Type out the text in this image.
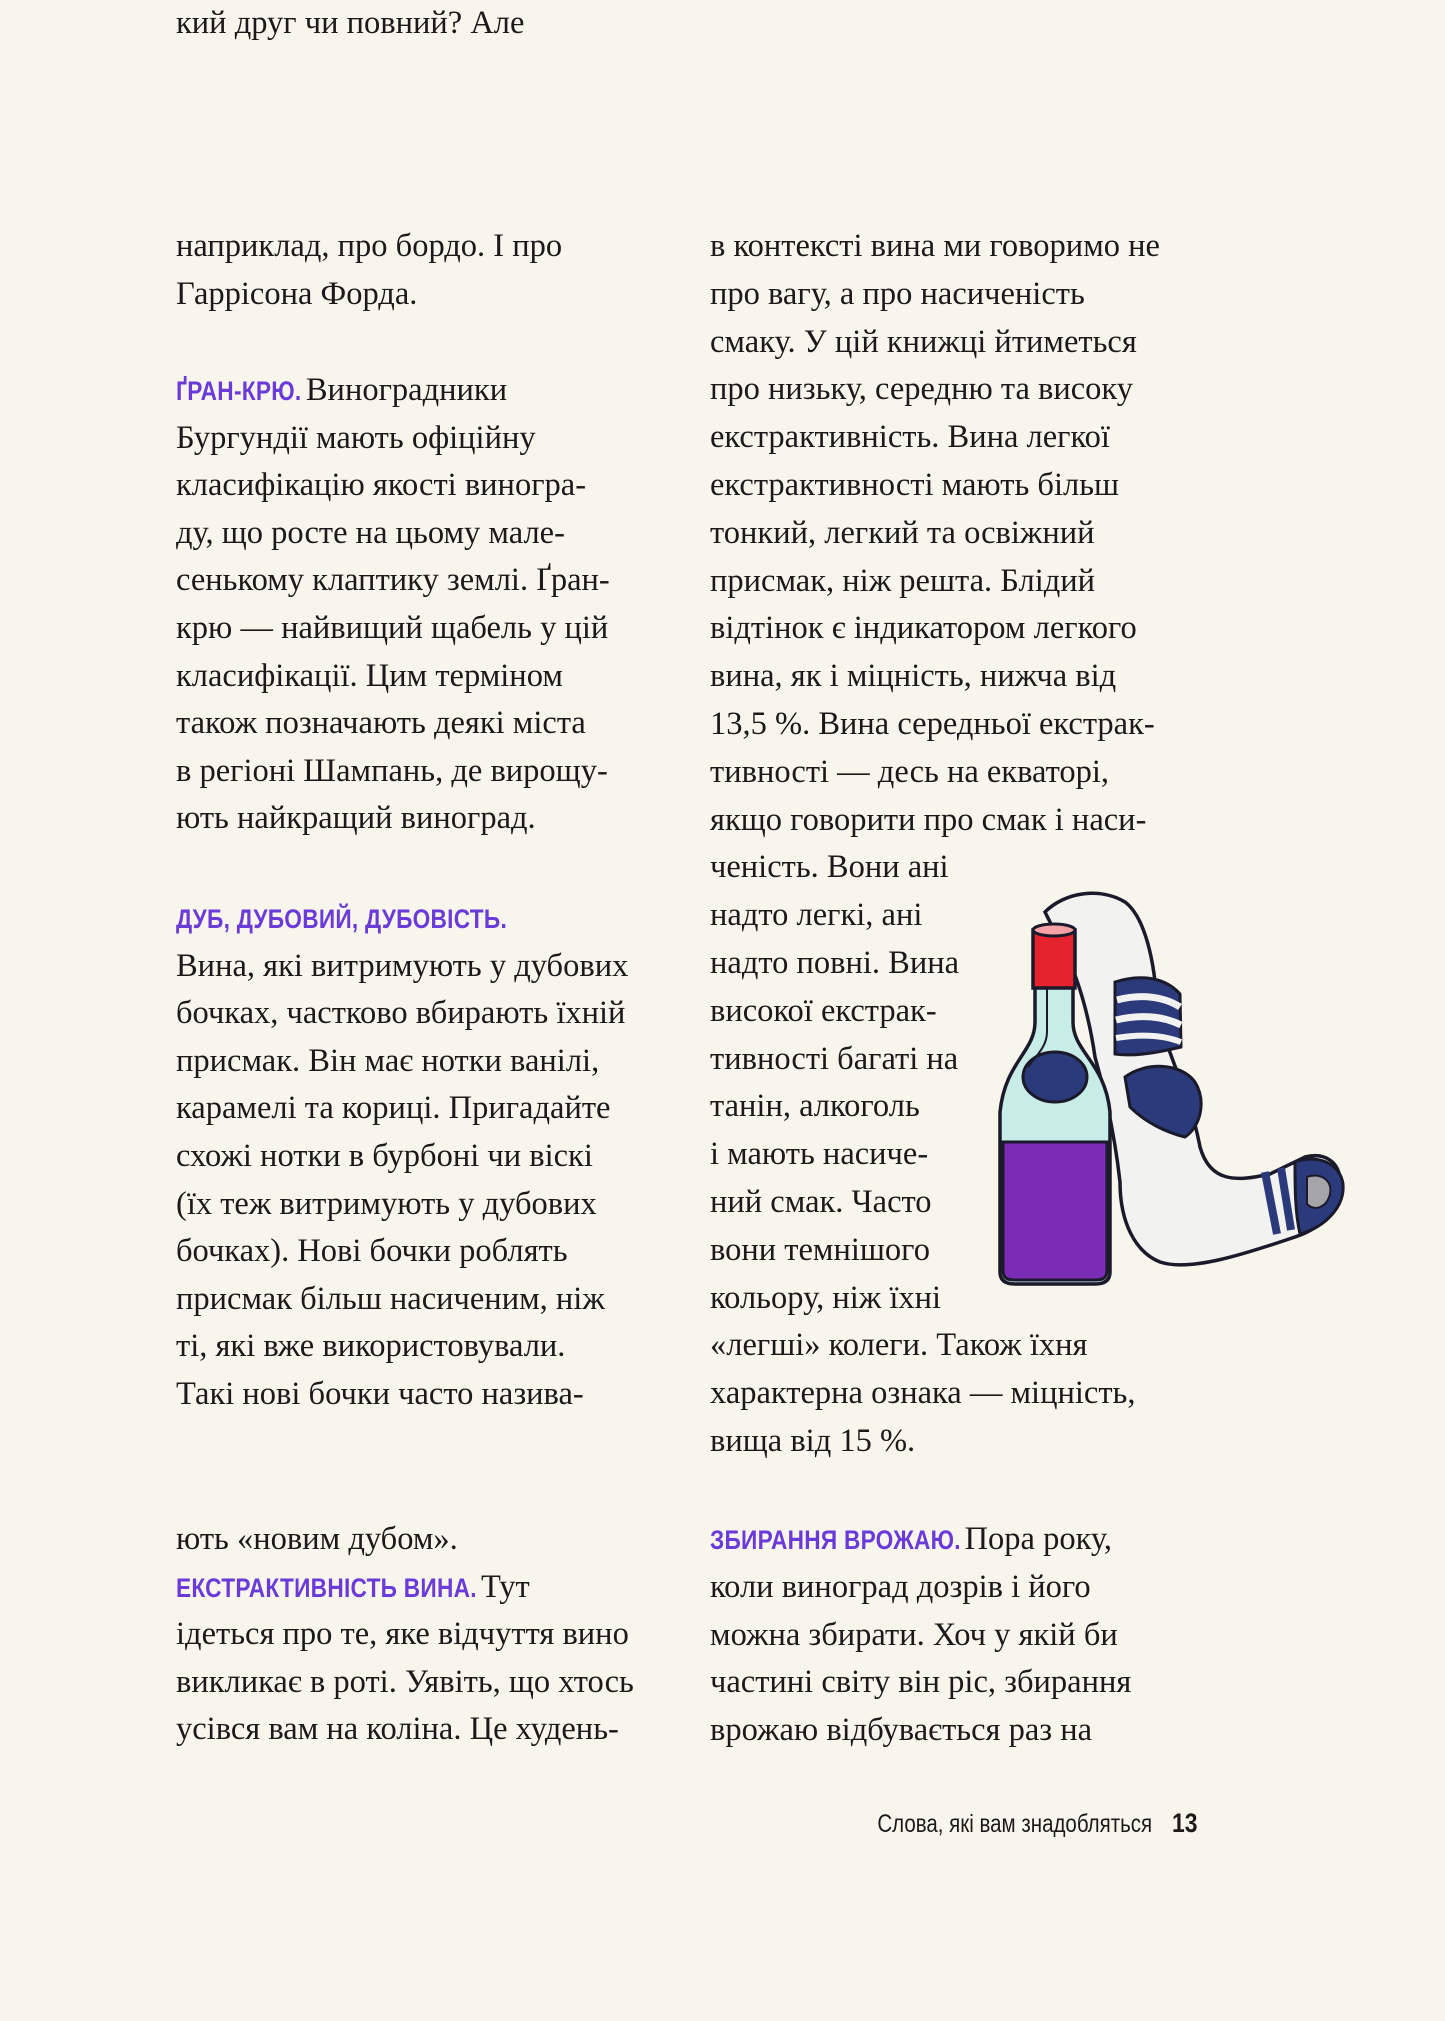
наприклад, про бордо. І про
Гаррісона Форда.
ҐРАН-КРЮ. Виноградники
Бургундії мають офіційну
класифікацію якості виногра-
ду, що росте на цьому мале-
сенькому клаптику землі. Ґран-
крю — найвищий щабель у цій
класифікації. Цим терміном
також позначають деякі міста
в регіоні Шампань, де вирощу-
ють найкращий виноград.
ДУБ, ДУБОВИЙ, ДУБОВІСТЬ.
Вина, які витримують у дубових
бочках, частково вбирають їхній
присмак. Він має нотки ванілі,
карамелі та кориці. Пригадайте
схожі нотки в бурбоні чи віскі
(їх теж витримують у дубових
бочках). Нові бочки роблять
присмак більш насиченим, ніж
ті, які вже використовували.
Такі нові бочки часто назива-
ють «новим дубом».
ЕКСТРАКТИВНІСТЬ ВИНА. Тут
ідеться про те, яке відчуття вино
викликає в роті. Уявіть, що хтось
усівся вам на коліна. Це худень-
кий друг чи повний? Але
в контексті вина ми говоримо не
про вагу, а про насиченість
смаку. У цій книжці йтиметься
про низьку, середню та високу
екстрактивність. Вина легкої
екстрактивності мають більш
тонкий, легкий та освіжний
присмак, ніж решта. Блідий
відтінок є індикатором легкого
вина, як і міцність, нижча від
13,5 %. Вина середньої екстрак-
тивності — десь на екваторі,
якщо говорити про смак і наси-
ченість. Вони ані
надто легкі, ані
надто повні. Вина
високої екстрак-
тивності багаті на
танін, алкоголь
і мають насиче-
ний смак. Часто
вони темнішого
кольору, ніж їхні
«легші» колеги. Також їхня
характерна ознака — міцність,
вища від 15 %.
ЗБИРАННЯ ВРОЖАЮ. Пора року,
коли виноград дозрів і його
можна збирати. Хоч у якій би
частині світу він ріс, збирання
врожаю відбувається раз на
Слова, які вам знадобляться 13
